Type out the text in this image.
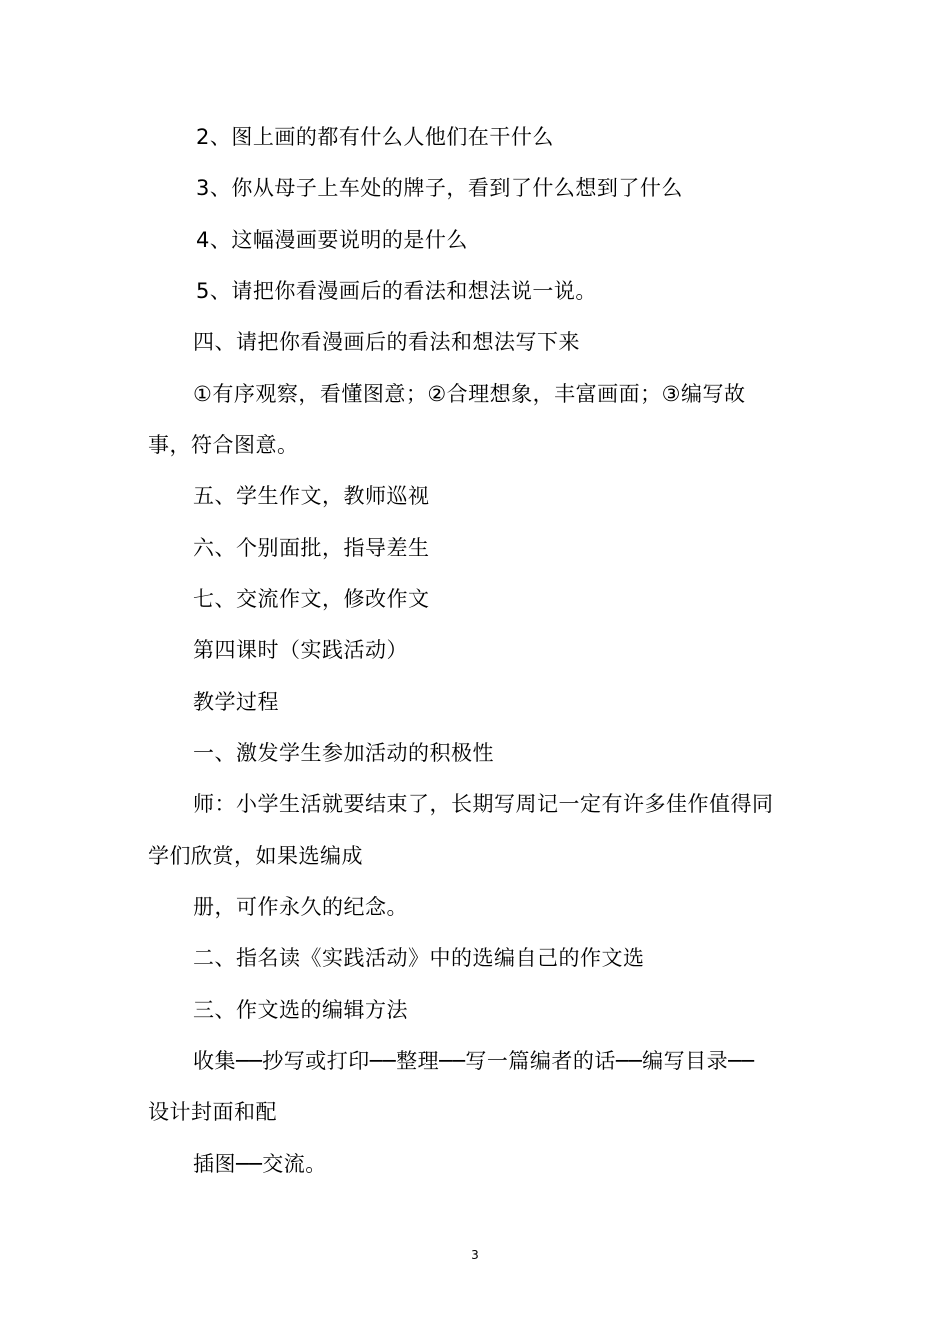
2、图上画的都有什么人他们在干什么
3、你从母子上车处的牌子，看到了什么想到了什么
4、这幅漫画要说明的是什么
5、请把你看漫画后的看法和想法说一说。
四、请把你看漫画后的看法和想法写下来
①有序观察，看懂图意；②合理想象，丰富画面；③编写故
事，符合图意。
五、学生作文，教师巡视
六、个别面批，指导差生
七、交流作文，修改作文
第四课时（实践活动）
教学过程
一、激发学生参加活动的积极性
师：小学生活就要结束了，长期写周记一定有许多佳作值得同
学们欣赏，如果选编成
册，可作永久的纪念。
二、指名读《实践活动》中的选编自己的作文选
三、作文选的编辑方法
收集──抄写或打印──整理──写一篇编者的话──编写目录──
设计封面和配
插图──交流。
3
